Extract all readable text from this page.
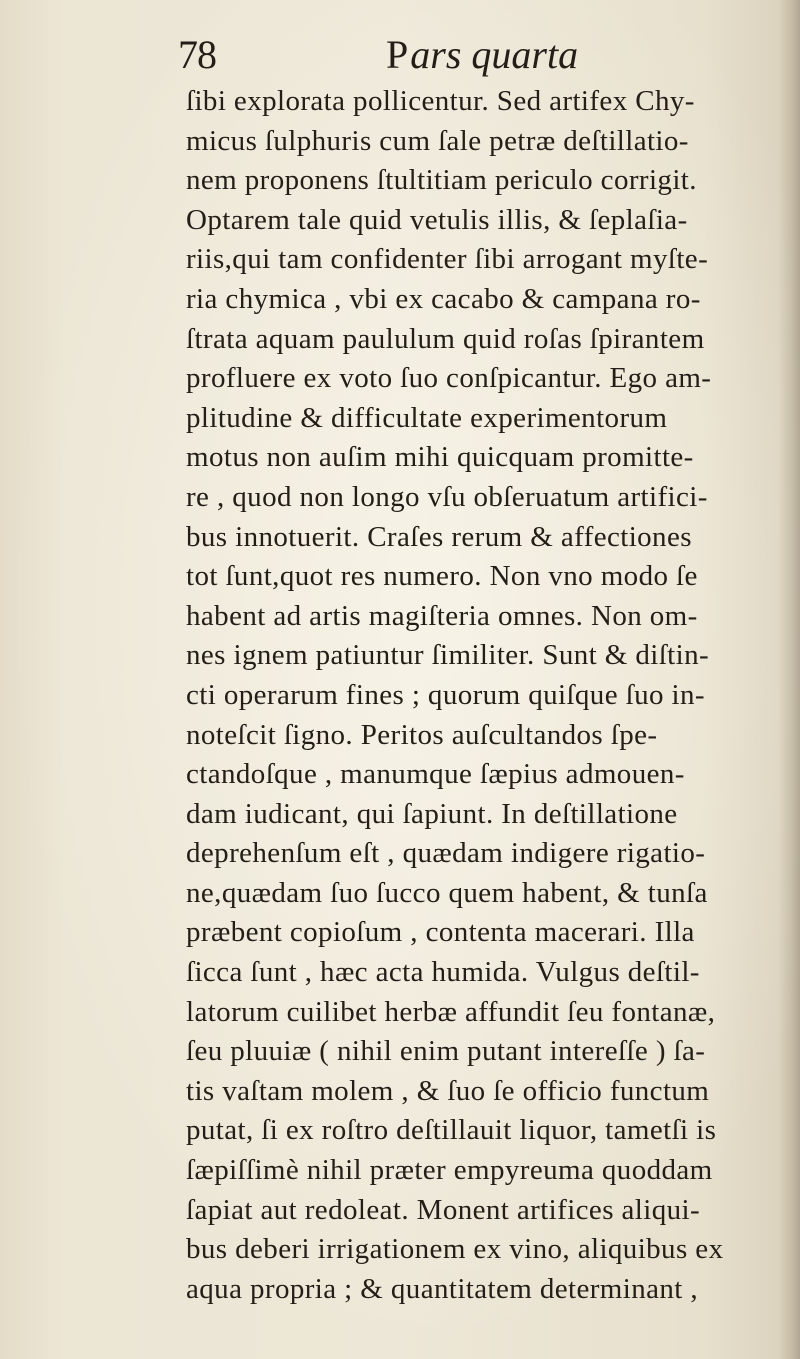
78	Pars quarta
ſibi explorata pollicentur. Sed artifex Chy-
micus ſulphuris cum ſale petræ deſtillatio-
nem proponens ſtultitiam periculo corrigit.
Optarem tale quid vetulis illis, & ſeplaſia-
riis,qui tam confidenter ſibi arrogant myſte-
ria chymica , vbi ex cacabo & campana ro-
ſtrata aquam paululum quid roſas ſpirantem
profluere ex voto ſuo conſpicantur. Ego am-
plitudine & difficultate experimentorum
motus non auſim mihi quicquam promitte-
re , quod non longo vſu obſeruatum artifici-
bus innotuerit. Craſes rerum & affectiones
tot ſunt,quot res numero. Non vno modo ſe
habent ad artis magiſteria omnes. Non om-
nes ignem patiuntur ſimiliter. Sunt & diſtin-
cti operarum fines ; quorum quiſque ſuo in-
noteſcit ſigno. Peritos auſcultandos ſpe-
ctandoſque , manumque ſæpius admouen-
dam iudicant, qui ſapiunt. In deſtillatione
deprehenſum eſt , quædam indigere rigatio-
ne,quædam ſuo ſucco quem habent, & tunſa
præbent copioſum , contenta macerari. Illa
ſicca ſunt , hæc acta humida. Vulgus deſtil-
latorum cuilibet herbæ affundit ſeu fontanæ,
ſeu pluuiæ ( nihil enim putant intereſſe ) ſa-
tis vaſtam molem , & ſuo ſe officio functum
putat, ſi ex roſtro deſtillauit liquor, tametſi is
ſæpiſſimè nihil præter empyreuma quoddam
ſapiat aut redoleat. Monent artifices aliqui-
bus deberi irrigationem ex vino, aliquibus ex
aqua propria ; & quantitatem determinant ,
